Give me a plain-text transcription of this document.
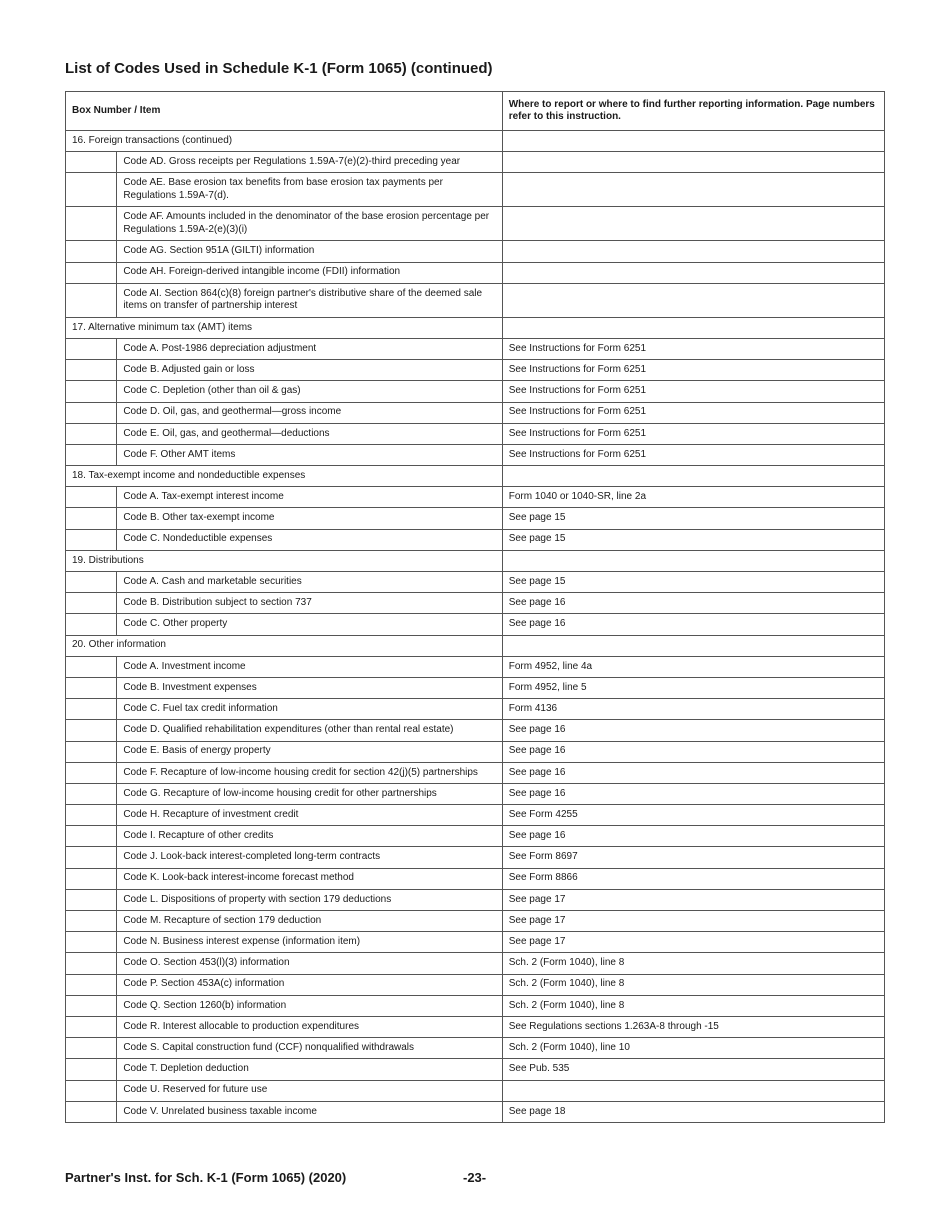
List of Codes Used in Schedule K-1 (Form 1065) (continued)
Box Number / Item		Where to report or where to find further reporting information. Page numbers refer to this instruction.
16. Foreign transactions (continued)		
	Code AD. Gross receipts per Regulations 1.59A-7(e)(2)-third preceding year	
	Code AE. Base erosion tax benefits from base erosion tax payments per Regulations 1.59A-7(d).	
	Code AF. Amounts included in the denominator of the base erosion percentage per Regulations 1.59A-2(e)(3)(i)	
	Code AG. Section 951A (GILTI) information	
	Code AH. Foreign-derived intangible income (FDII) information	
	Code AI. Section 864(c)(8) foreign partner's distributive share of the deemed sale items on transfer of partnership interest	
17. Alternative minimum tax (AMT) items		
	Code A. Post-1986 depreciation adjustment	See Instructions for Form 6251
	Code B. Adjusted gain or loss	See Instructions for Form 6251
	Code C. Depletion (other than oil & gas)	See Instructions for Form 6251
	Code D. Oil, gas, and geothermal—gross income	See Instructions for Form 6251
	Code E. Oil, gas, and geothermal—deductions	See Instructions for Form 6251
	Code F. Other AMT items	See Instructions for Form 6251
18. Tax-exempt income and nondeductible expenses		
	Code A. Tax-exempt interest income	Form 1040 or 1040-SR, line 2a
	Code B. Other tax-exempt income	See page 15
	Code C. Nondeductible expenses	See page 15
19. Distributions		
	Code A. Cash and marketable securities	See page 15
	Code B. Distribution subject to section 737	See page 16
	Code C. Other property	See page 16
20. Other information		
	Code A. Investment income	Form 4952, line 4a
	Code B. Investment expenses	Form 4952, line 5
	Code C. Fuel tax credit information	Form 4136
	Code D. Qualified rehabilitation expenditures (other than rental real estate)	See page 16
	Code E. Basis of energy property	See page 16
	Code F. Recapture of low-income housing credit for section 42(j)(5) partnerships	See page 16
	Code G. Recapture of low-income housing credit for other partnerships	See page 16
	Code H. Recapture of investment credit	See Form 4255
	Code I. Recapture of other credits	See page 16
	Code J. Look-back interest-completed long-term contracts	See Form 8697
	Code K. Look-back interest-income forecast method	See Form 8866
	Code L. Dispositions of property with section 179 deductions	See page 17
	Code M. Recapture of section 179 deduction	See page 17
	Code N. Business interest expense (information item)	See page 17
	Code O. Section 453(l)(3) information	Sch. 2 (Form 1040), line 8
	Code P. Section 453A(c) information	Sch. 2 (Form 1040), line 8
	Code Q. Section 1260(b) information	Sch. 2 (Form 1040), line 8
	Code R. Interest allocable to production expenditures	See Regulations sections 1.263A-8 through -15
	Code S. Capital construction fund (CCF) nonqualified withdrawals	Sch. 2 (Form 1040), line 10
	Code T. Depletion deduction	See Pub. 535
	Code U. Reserved for future use	
	Code V. Unrelated business taxable income	See page 18
Partner's Inst. for Sch. K-1 (Form 1065) (2020)	-23-
